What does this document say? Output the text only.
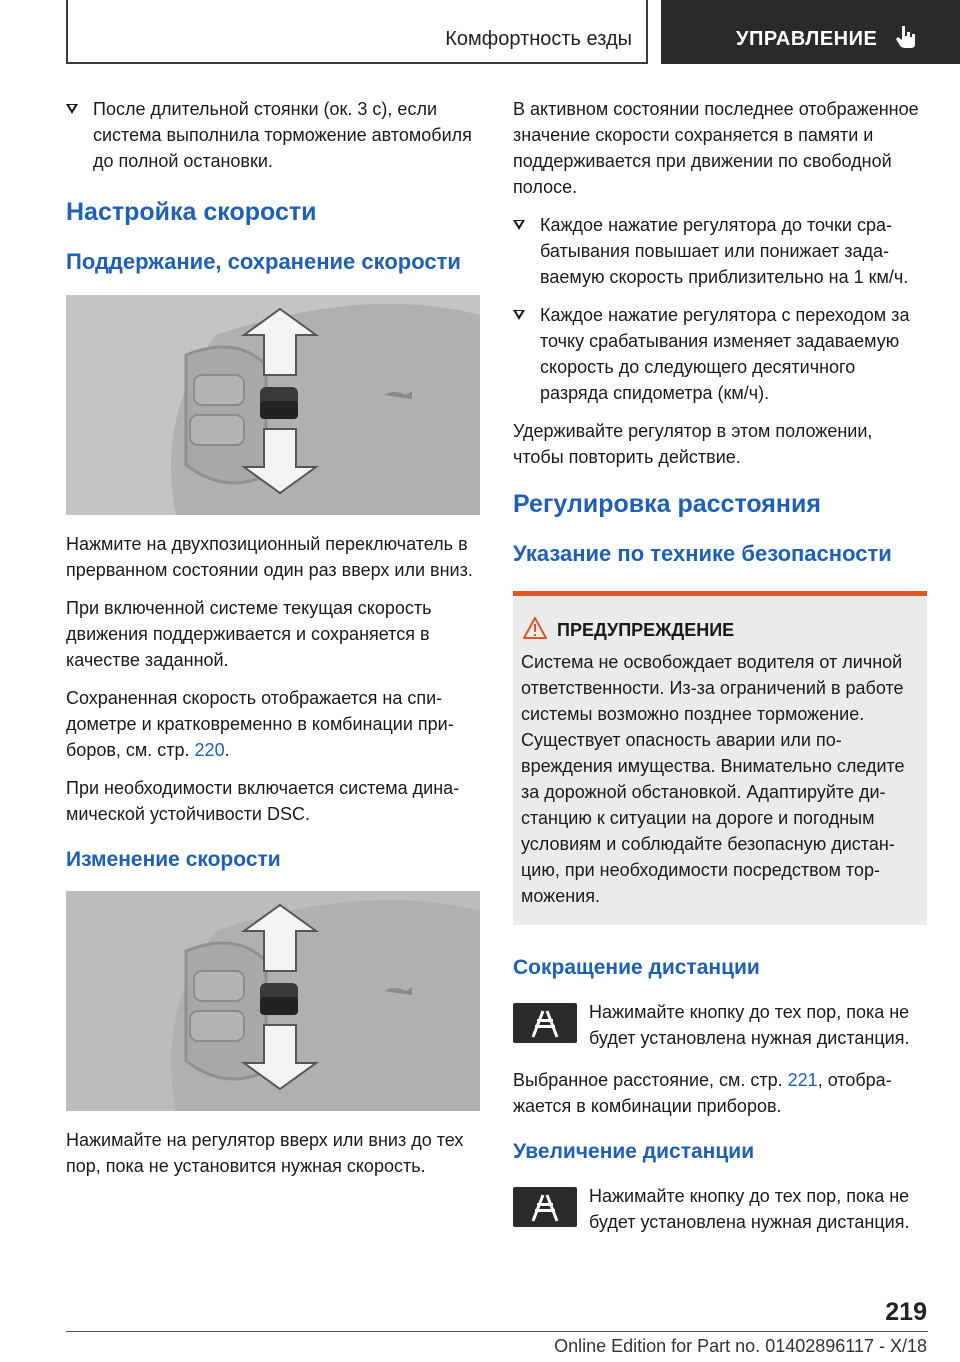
Комфортность езды	УПРАВЛЕНИЕ
После длительной стоянки (ок. 3 с), если система выполнила торможение автомобиля до полной остановки.
Настройка скорости
Поддержание, сохранение скорости

Нажмите на двухпозиционный переключатель в прерванном состоянии один раз вверх или вниз.

При включенной системе текущая скорость движения поддерживается и сохраняется в качестве заданной.

Сохраненная скорость отображается на спидометре и кратковременно в комбинации приборов, см. стр. 220.

При необходимости включается система динамической устойчивости DSC.

Изменение скорости

Нажимайте на регулятор вверх или вниз до тех пор, пока не установится нужная скорость.

В активном состоянии последнее отображенное значение скорости сохраняется в памяти и поддерживается при движении по свободной полосе.

Каждое нажатие регулятора до точки срабатывания повышает или понижает задаваемую скорость приблизительно на 1 км/ч.
Каждое нажатие регулятора с переходом за точку срабатывания изменяет задаваемую скорость до следующего десятичного разряда спидометра (км/ч).

Удерживайте регулятор в этом положении, чтобы повторить действие.

Регулировка расстояния
Указание по технике безопасности
ПРЕДУПРЕЖДЕНИЕ

Система не освобождает водителя от личной ответственности. Из-за ограничений в работе системы возможно позднее торможение. Существует опасность аварии или повреждения имущества. Внимательно следите за дорожной обстановкой. Адаптируйте дистанцию к ситуации на дороге и погодным условиям и соблюдайте безопасную дистанцию, при необходимости посредством торможения.

Сокращение дистанции

Нажимайте кнопку до тех пор, пока не будет установлена нужная дистанция.

Выбранное расстояние, см. стр. 221, отображается в комбинации приборов.

Увеличение дистанции

Нажимайте кнопку до тех пор, пока не будет установлена нужная дистанция.

219
Online Edition for Part no. 01402896117 - X/18
